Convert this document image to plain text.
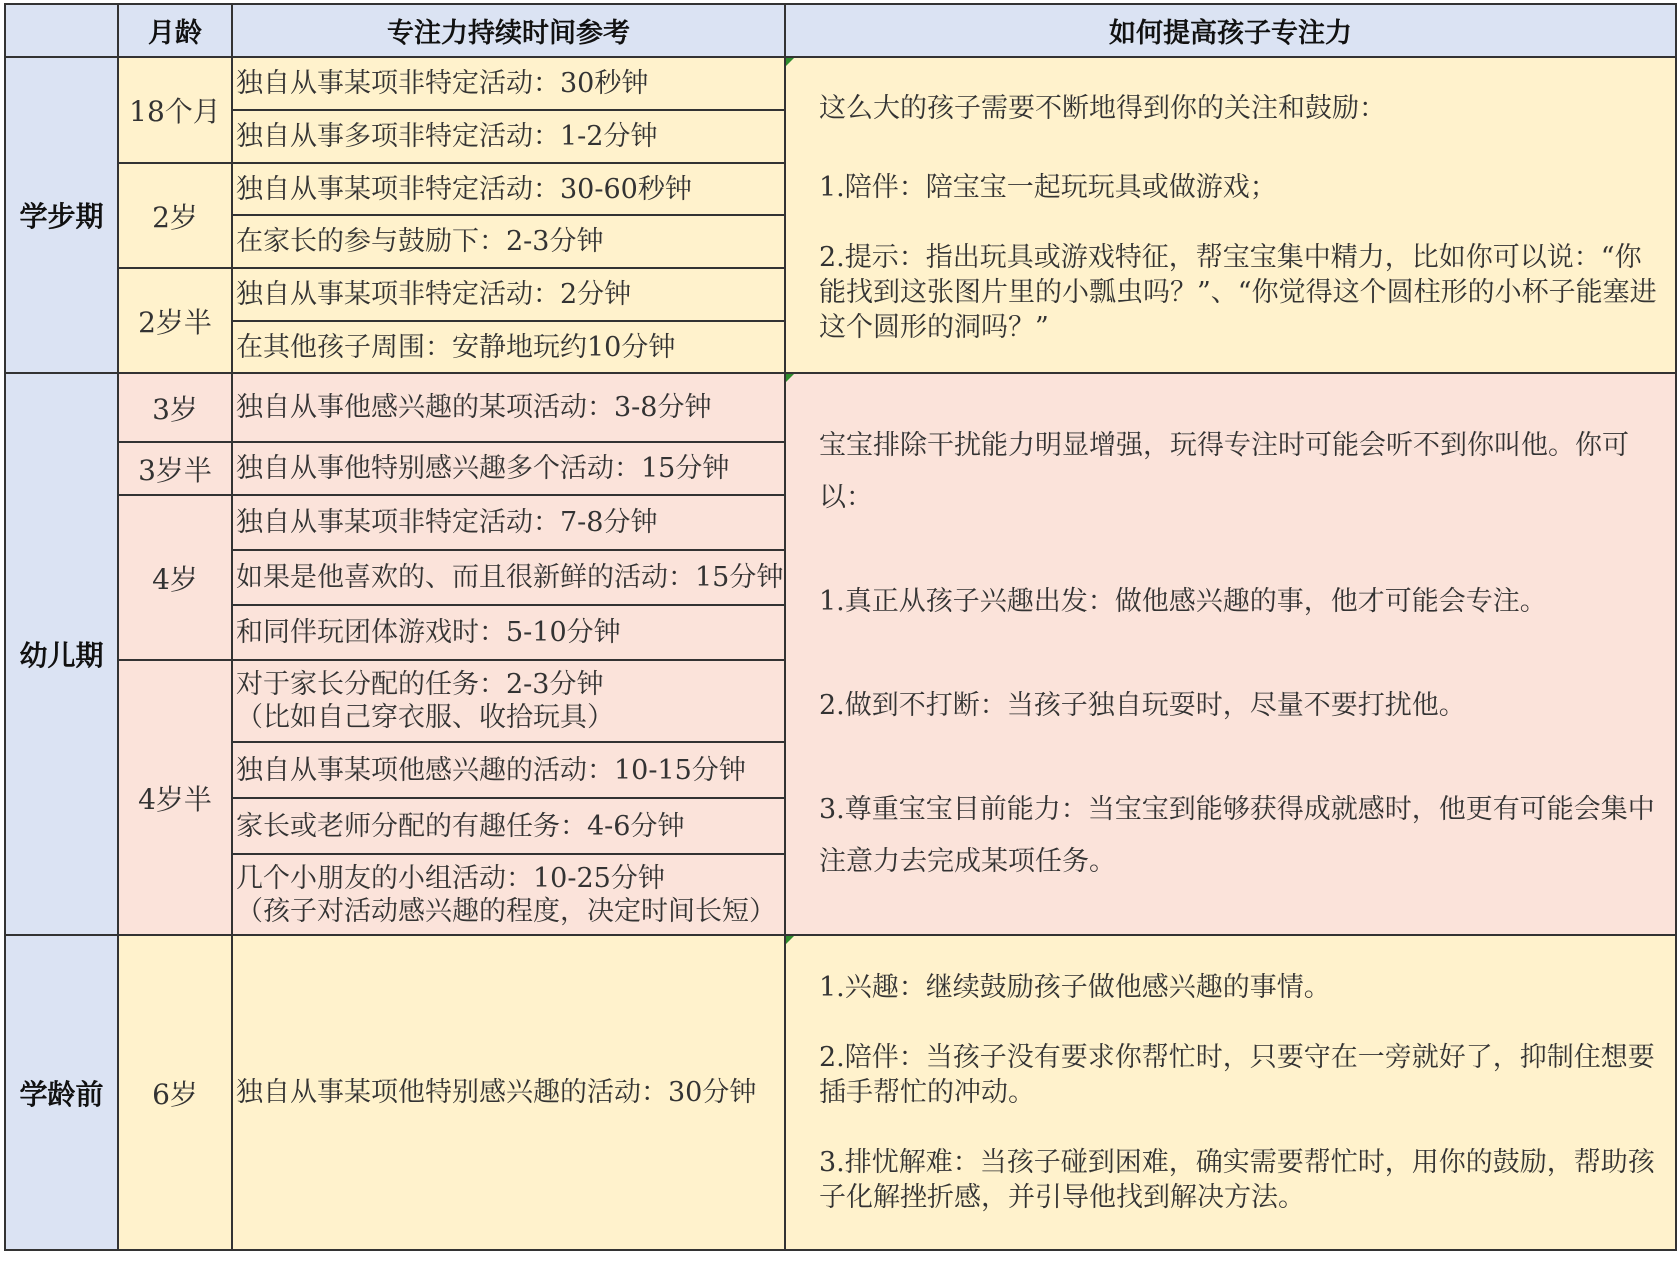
	月龄	专注力持续时间参考	如何提高孩子专注力
学步期	18个月	独自从事某项非特定活动：30秒钟	这么大的孩子需要不断地得到你的关注和鼓励：

1.陪伴：陪宝宝一起玩玩具或做游戏；

2.提示：指出玩具或游戏特征，帮宝宝集中精力，比如你可以说：“你能找到这张图片里的小瓢虫吗？”、“你觉得这个圆柱形的小杯子能塞进这个圆形的洞吗？”

		独自从事多项非特定活动：1-2分钟	
	2岁	独自从事某项非特定活动：30-60秒钟	
		在家长的参与鼓励下：2-3分钟	
	2岁半	独自从事某项非特定活动：2分钟	
		在其他孩子周围：安静地玩约10分钟	
幼儿期	3岁	独自从事他感兴趣的某项活动：3-8分钟	宝宝排除干扰能力明显增强，玩得专注时可能会听不到你叫他。你可以：

1.真正从孩子兴趣出发：做他感兴趣的事，他才可能会专注。

2.做到不打断：当孩子独自玩耍时，尽量不要打扰他。

3.尊重宝宝目前能力：当宝宝到能够获得成就感时，他更有可能会集中注意力去完成某项任务。

	3岁半	独自从事他特别感兴趣多个活动：15分钟	
	4岁	独自从事某项非特定活动：7-8分钟	
		如果是他喜欢的、而且很新鲜的活动：15分钟	
		和同伴玩团体游戏时：5-10分钟	
	4岁半	对于家长分配的任务：2-3分钟
（比如自己穿衣服、收拾玩具）	
		独自从事某项他感兴趣的活动：10-15分钟	
		家长或老师分配的有趣任务：4-6分钟	
		几个小朋友的小组活动：10-25分钟
（孩子对活动感兴趣的程度，决定时间长短）	
学龄前	6岁	独自从事某项他特别感兴趣的活动：30分钟	1.兴趣：继续鼓励孩子做他感兴趣的事情。

2.陪伴：当孩子没有要求你帮忙时，只要守在一旁就好了，抑制住想要插手帮忙的冲动。

3.排忧解难：当孩子碰到困难，确实需要帮忙时，用你的鼓励，帮助孩子化解挫折感，并引导他找到解决方法。
